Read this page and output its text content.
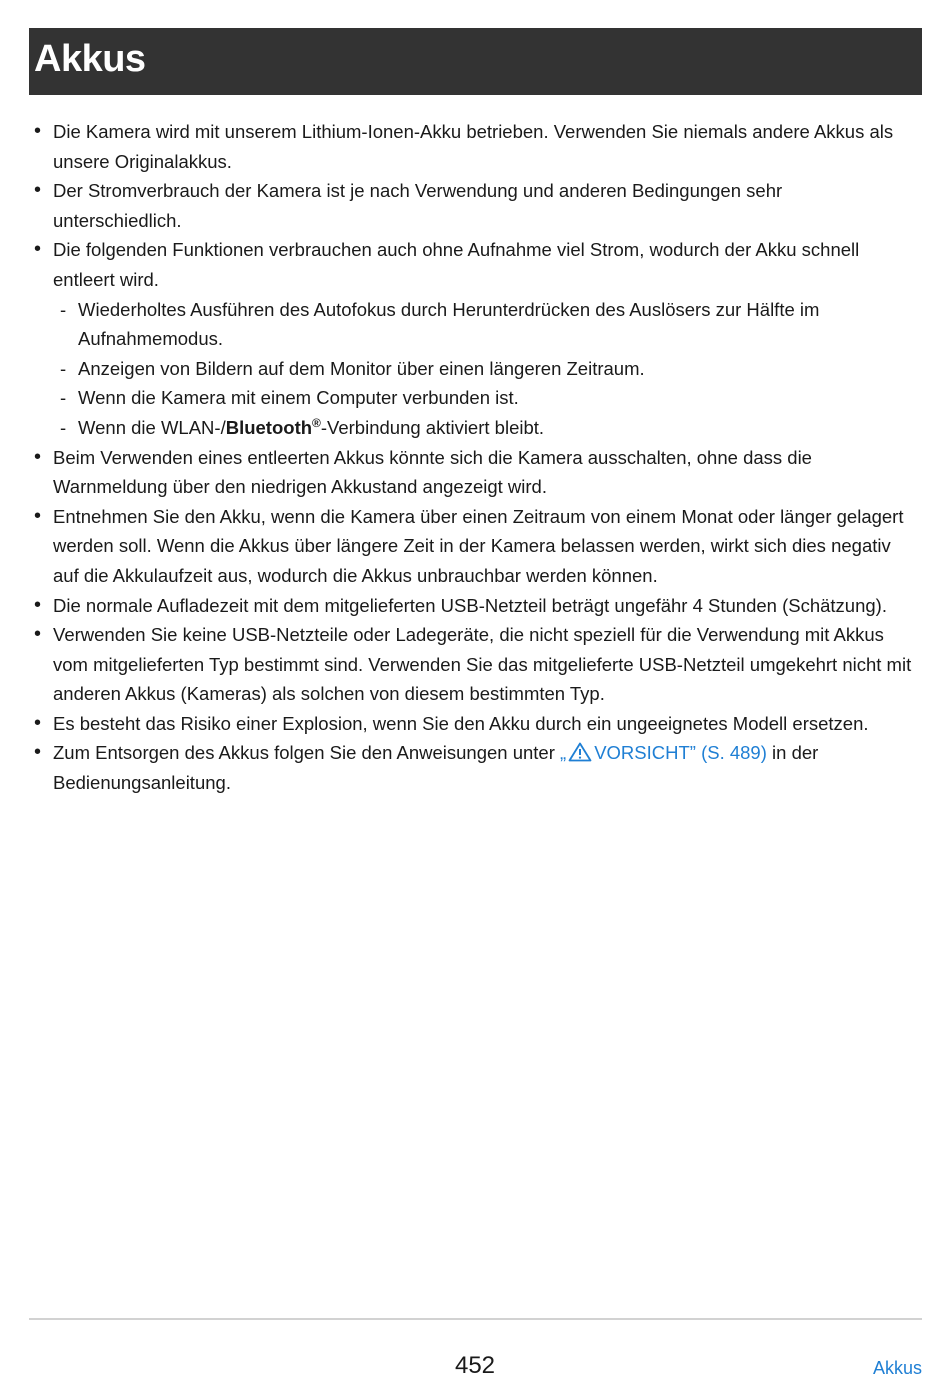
Akkus
• Die Kamera wird mit unserem Lithium-Ionen-Akku betrieben. Verwenden Sie niemals andere Akkus als unsere Originalakkus.
• Der Stromverbrauch der Kamera ist je nach Verwendung und anderen Bedingungen sehr unterschiedlich.
• Die folgenden Funktionen verbrauchen auch ohne Aufnahme viel Strom, wodurch der Akku schnell entleert wird.
- Wiederholtes Ausführen des Autofokus durch Herunterdrücken des Auslösers zur Hälfte im Aufnahmemodus.
- Anzeigen von Bildern auf dem Monitor über einen längeren Zeitraum.
- Wenn die Kamera mit einem Computer verbunden ist.
- Wenn die WLAN-/Bluetooth®-Verbindung aktiviert bleibt.
• Beim Verwenden eines entleerten Akkus könnte sich die Kamera ausschalten, ohne dass die Warnmeldung über den niedrigen Akkustand angezeigt wird.
• Entnehmen Sie den Akku, wenn die Kamera über einen Zeitraum von einem Monat oder länger gelagert werden soll. Wenn die Akkus über längere Zeit in der Kamera belassen werden, wirkt sich dies negativ auf die Akkulaufzeit aus, wodurch die Akkus unbrauchbar werden können.
• Die normale Aufladezeit mit dem mitgelieferten USB-Netzteil beträgt ungefähr 4 Stunden (Schätzung).
• Verwenden Sie keine USB-Netzteile oder Ladegeräte, die nicht speziell für die Verwendung mit Akkus vom mitgelieferten Typ bestimmt sind. Verwenden Sie das mitgelieferte USB-Netzteil umgekehrt nicht mit anderen Akkus (Kameras) als solchen von diesem bestimmten Typ.
• Es besteht das Risiko einer Explosion, wenn Sie den Akku durch ein ungeeignetes Modell ersetzen.
• Zum Entsorgen des Akkus folgen Sie den Anweisungen unter „ VORSICHT” (S. 489) in der Bedienungsanleitung.
452	Akkus
